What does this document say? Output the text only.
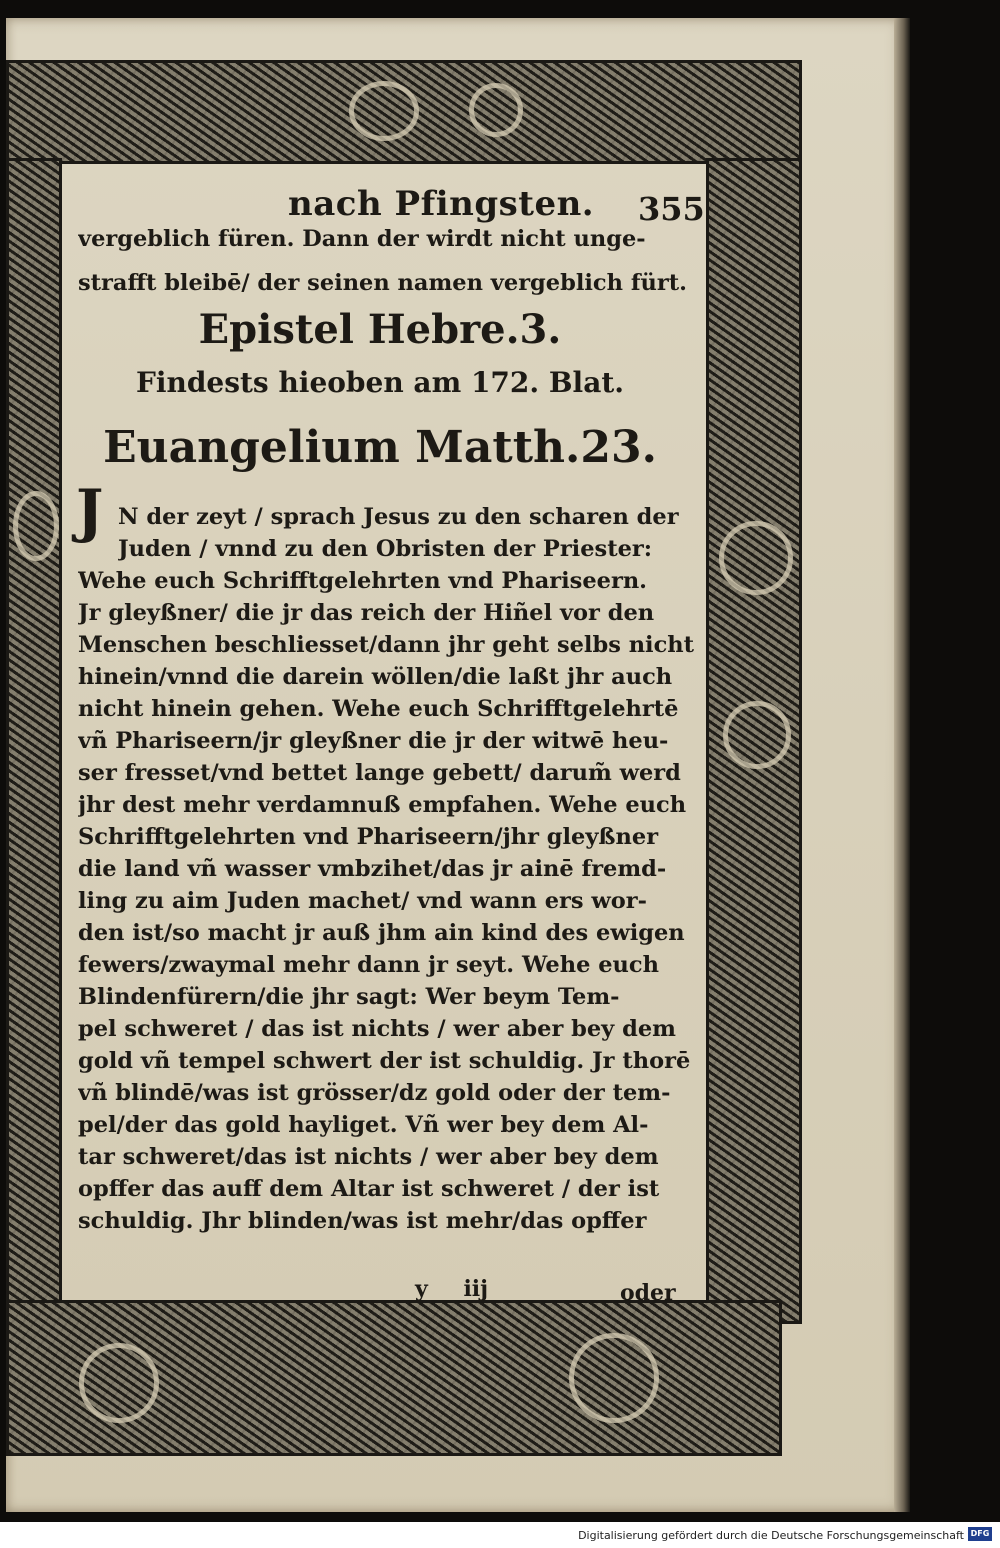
nach Pfingsten. 355
vergeblich füren. Dann der wirdt nicht unge-
strafft bleibē/ der seinen namen vergeblich fürt.
Epistel Hebre.3.
Findests hieoben am 172. Blat.
Euangelium Matth.23.
J N der zeyt / sprach Jesus zu den scharen der
Juden / vnnd zu den Obristen der Priester:
Wehe euch Schrifftgelehrten vnd Phariseern.
Jr gleyßner/ die jr das reich der Hiñel vor den
Menschen beschliesset/dann jhr geht selbs nicht
hinein/vnnd die darein wöllen/die laßt jhr auch
nicht hinein gehen. Wehe euch Schrifftgelehrtē
vñ Phariseern/jr gleyßner die jr der witwē heu-
ser fresset/vnd bettet lange gebett/ darum̃ werd
jhr dest mehr verdamnuß empfahen. Wehe euch
Schrifftgelehrten vnd Phariseern/jhr gleyßner
die land vñ wasser vmbzihet/das jr ainē fremd-
ling zu aim Juden machet/ vnd wann ers wor-
den ist/so macht jr auß jhm ain kind des ewigen
fewers/zwaymal mehr dann jr seyt. Wehe euch
Blindenfürern/die jhr sagt: Wer beym Tem-
pel schweret / das ist nichts / wer aber bey dem
gold vñ tempel schwert der ist schuldig. Jr thorē
vñ blindē/was ist grösser/dz gold oder der tem-
pel/der das gold hayliget. Vñ wer bey dem Al-
tar schweret/das ist nichts / wer aber bey dem
opffer das auff dem Altar ist schweret / der ist
schuldig. Jhr blinden/was ist mehr/das opffer
y iij	oder
Digitalisierung gefördert durch die Deutsche Forschungsgemeinschaft DFG
